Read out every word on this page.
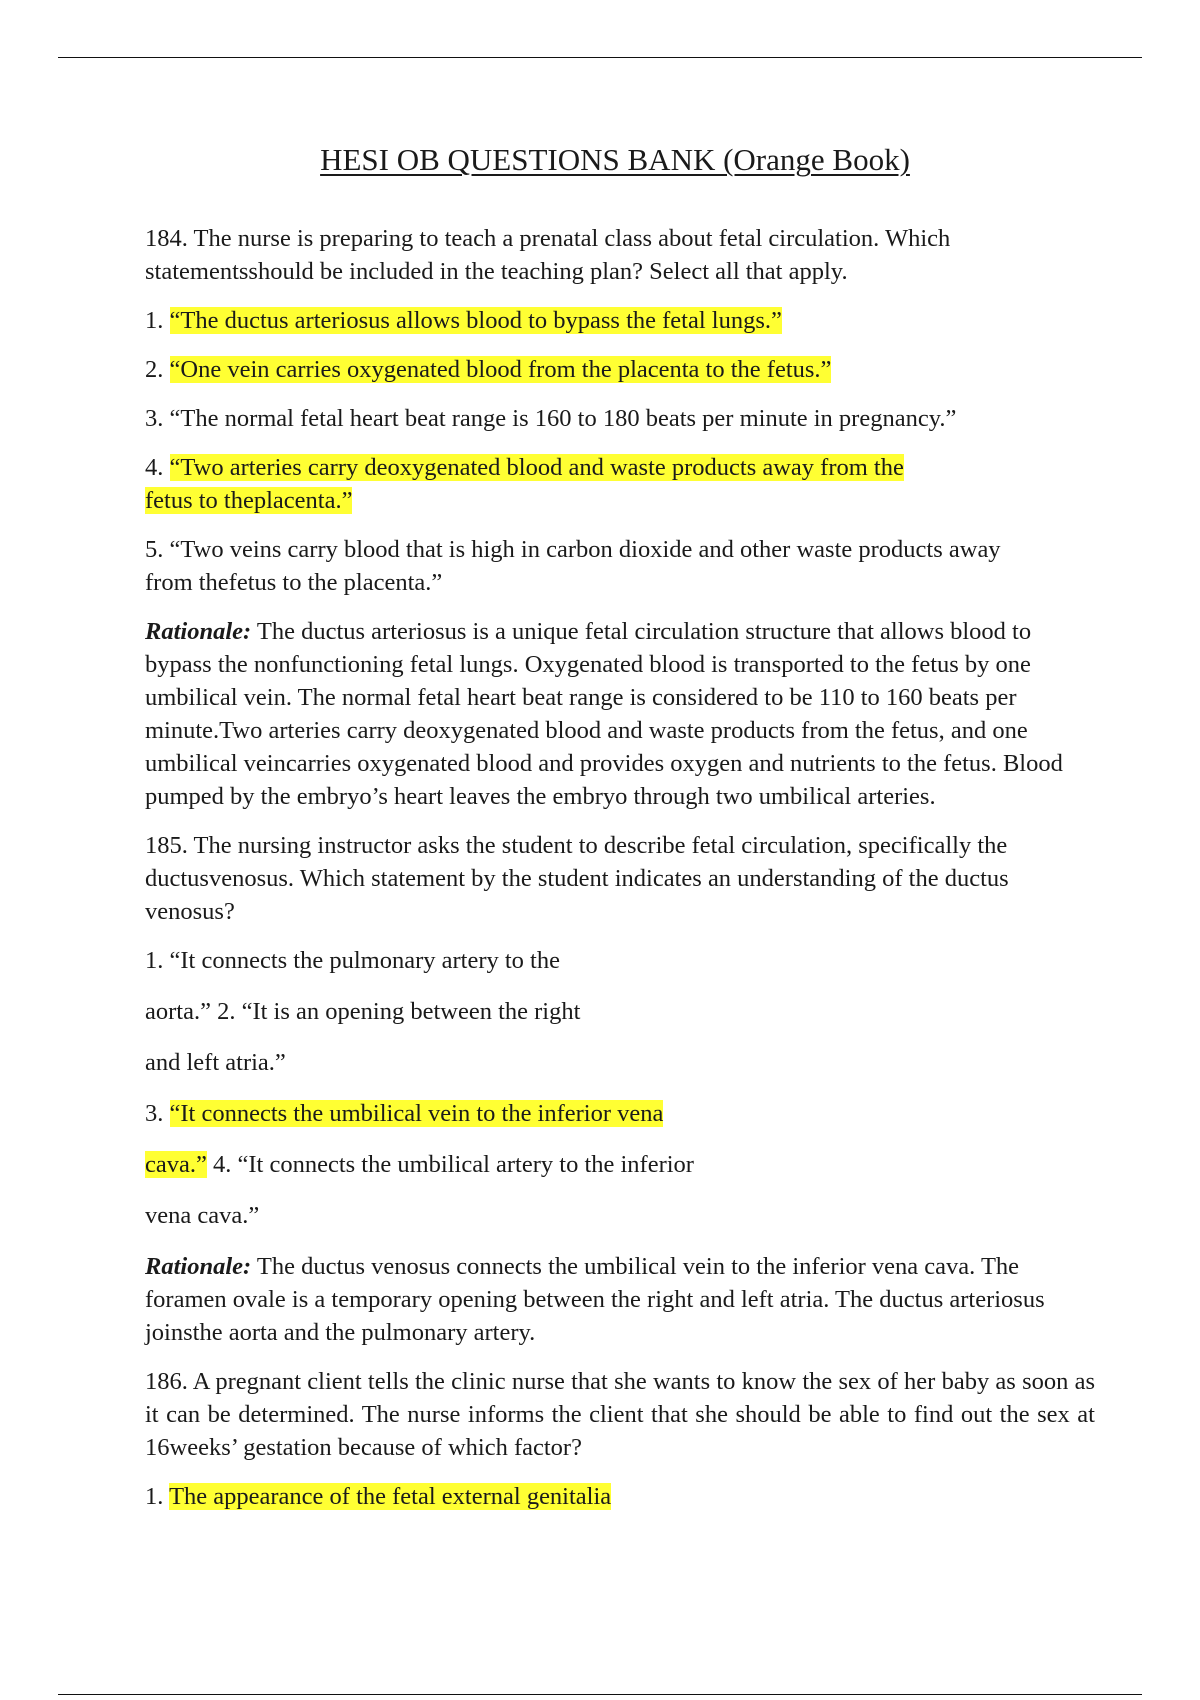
HESI OB QUESTIONS BANK (Orange Book)

184. The nurse is preparing to teach a prenatal class about fetal circulation. Which statementsshould be included in the teaching plan? Select all that apply.

1. “The ductus arteriosus allows blood to bypass the fetal lungs.”

2. “One vein carries oxygenated blood from the placenta to the fetus.”

3. “The normal fetal heart beat range is 160 to 180 beats per minute in pregnancy.”

4. “Two arteries carry deoxygenated blood and waste products away from the fetus to theplacenta.”

5. “Two veins carry blood that is high in carbon dioxide and other waste products away from thefetus to the placenta.”

Rationale: The ductus arteriosus is a unique fetal circulation structure that allows blood to bypass the nonfunctioning fetal lungs. Oxygenated blood is transported to the fetus by one umbilical vein. The normal fetal heart beat range is considered to be 110 to 160 beats per minute.Two arteries carry deoxygenated blood and waste products from the fetus, and one umbilical veincarries oxygenated blood and provides oxygen and nutrients to the fetus. Blood pumped by the embryo’s heart leaves the embryo through two umbilical arteries.

185. The nursing instructor asks the student to describe fetal circulation, specifically the ductusvenosus. Which statement by the student indicates an understanding of the ductus venosus?

1. “It connects the pulmonary artery to the

aorta.” 2. “It is an opening between the right

and left atria.”

3. “It connects the umbilical vein to the inferior vena

cava.” 4. “It connects the umbilical artery to the inferior

vena cava.”

Rationale: The ductus venosus connects the umbilical vein to the inferior vena cava. The foramen ovale is a temporary opening between the right and left atria. The ductus arteriosus joinsthe aorta and the pulmonary artery.

186. A pregnant client tells the clinic nurse that she wants to know the sex of her baby as soon as it can be determined. The nurse informs the client that she should be able to find out the sex at 16weeks’ gestation because of which factor?

1. The appearance of the fetal external genitalia
